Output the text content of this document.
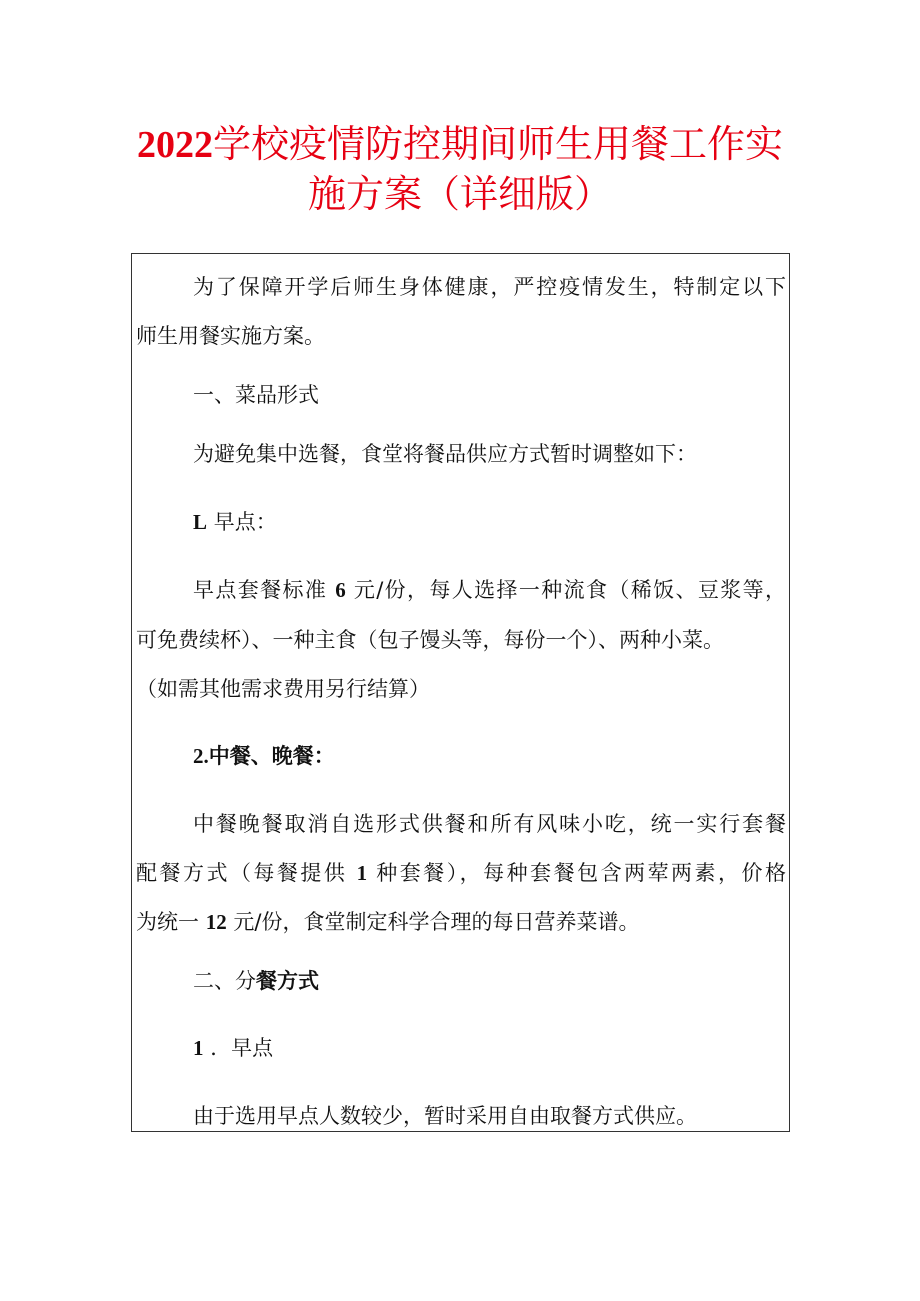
2022学校疫情防控期间师生用餐工作实
施方案（详细版）
为了保障开学后师生身体健康，严控疫情发生，特制定以下
师生用餐实施方案。
一、菜品形式
为避免集中选餐，食堂将餐品供应方式暂时调整如下：
L 早点：
早点套餐标准 6 元/份，每人选择一种流食（稀饭、豆浆等，
可免费续杯）、一种主食（包子馒头等，每份一个）、两种小菜。
（如需其他需求费用另行结算）
2.中餐、晚餐：
中餐晚餐取消自选形式供餐和所有风味小吃，统一实行套餐
配餐方式（每餐提供 1 种套餐），每种套餐包含两荤两素，价格
为统一 12 元/份，食堂制定科学合理的每日营养菜谱。
二、分餐方式
1 ．早点
由于选用早点人数较少，暂时采用自由取餐方式供应。
